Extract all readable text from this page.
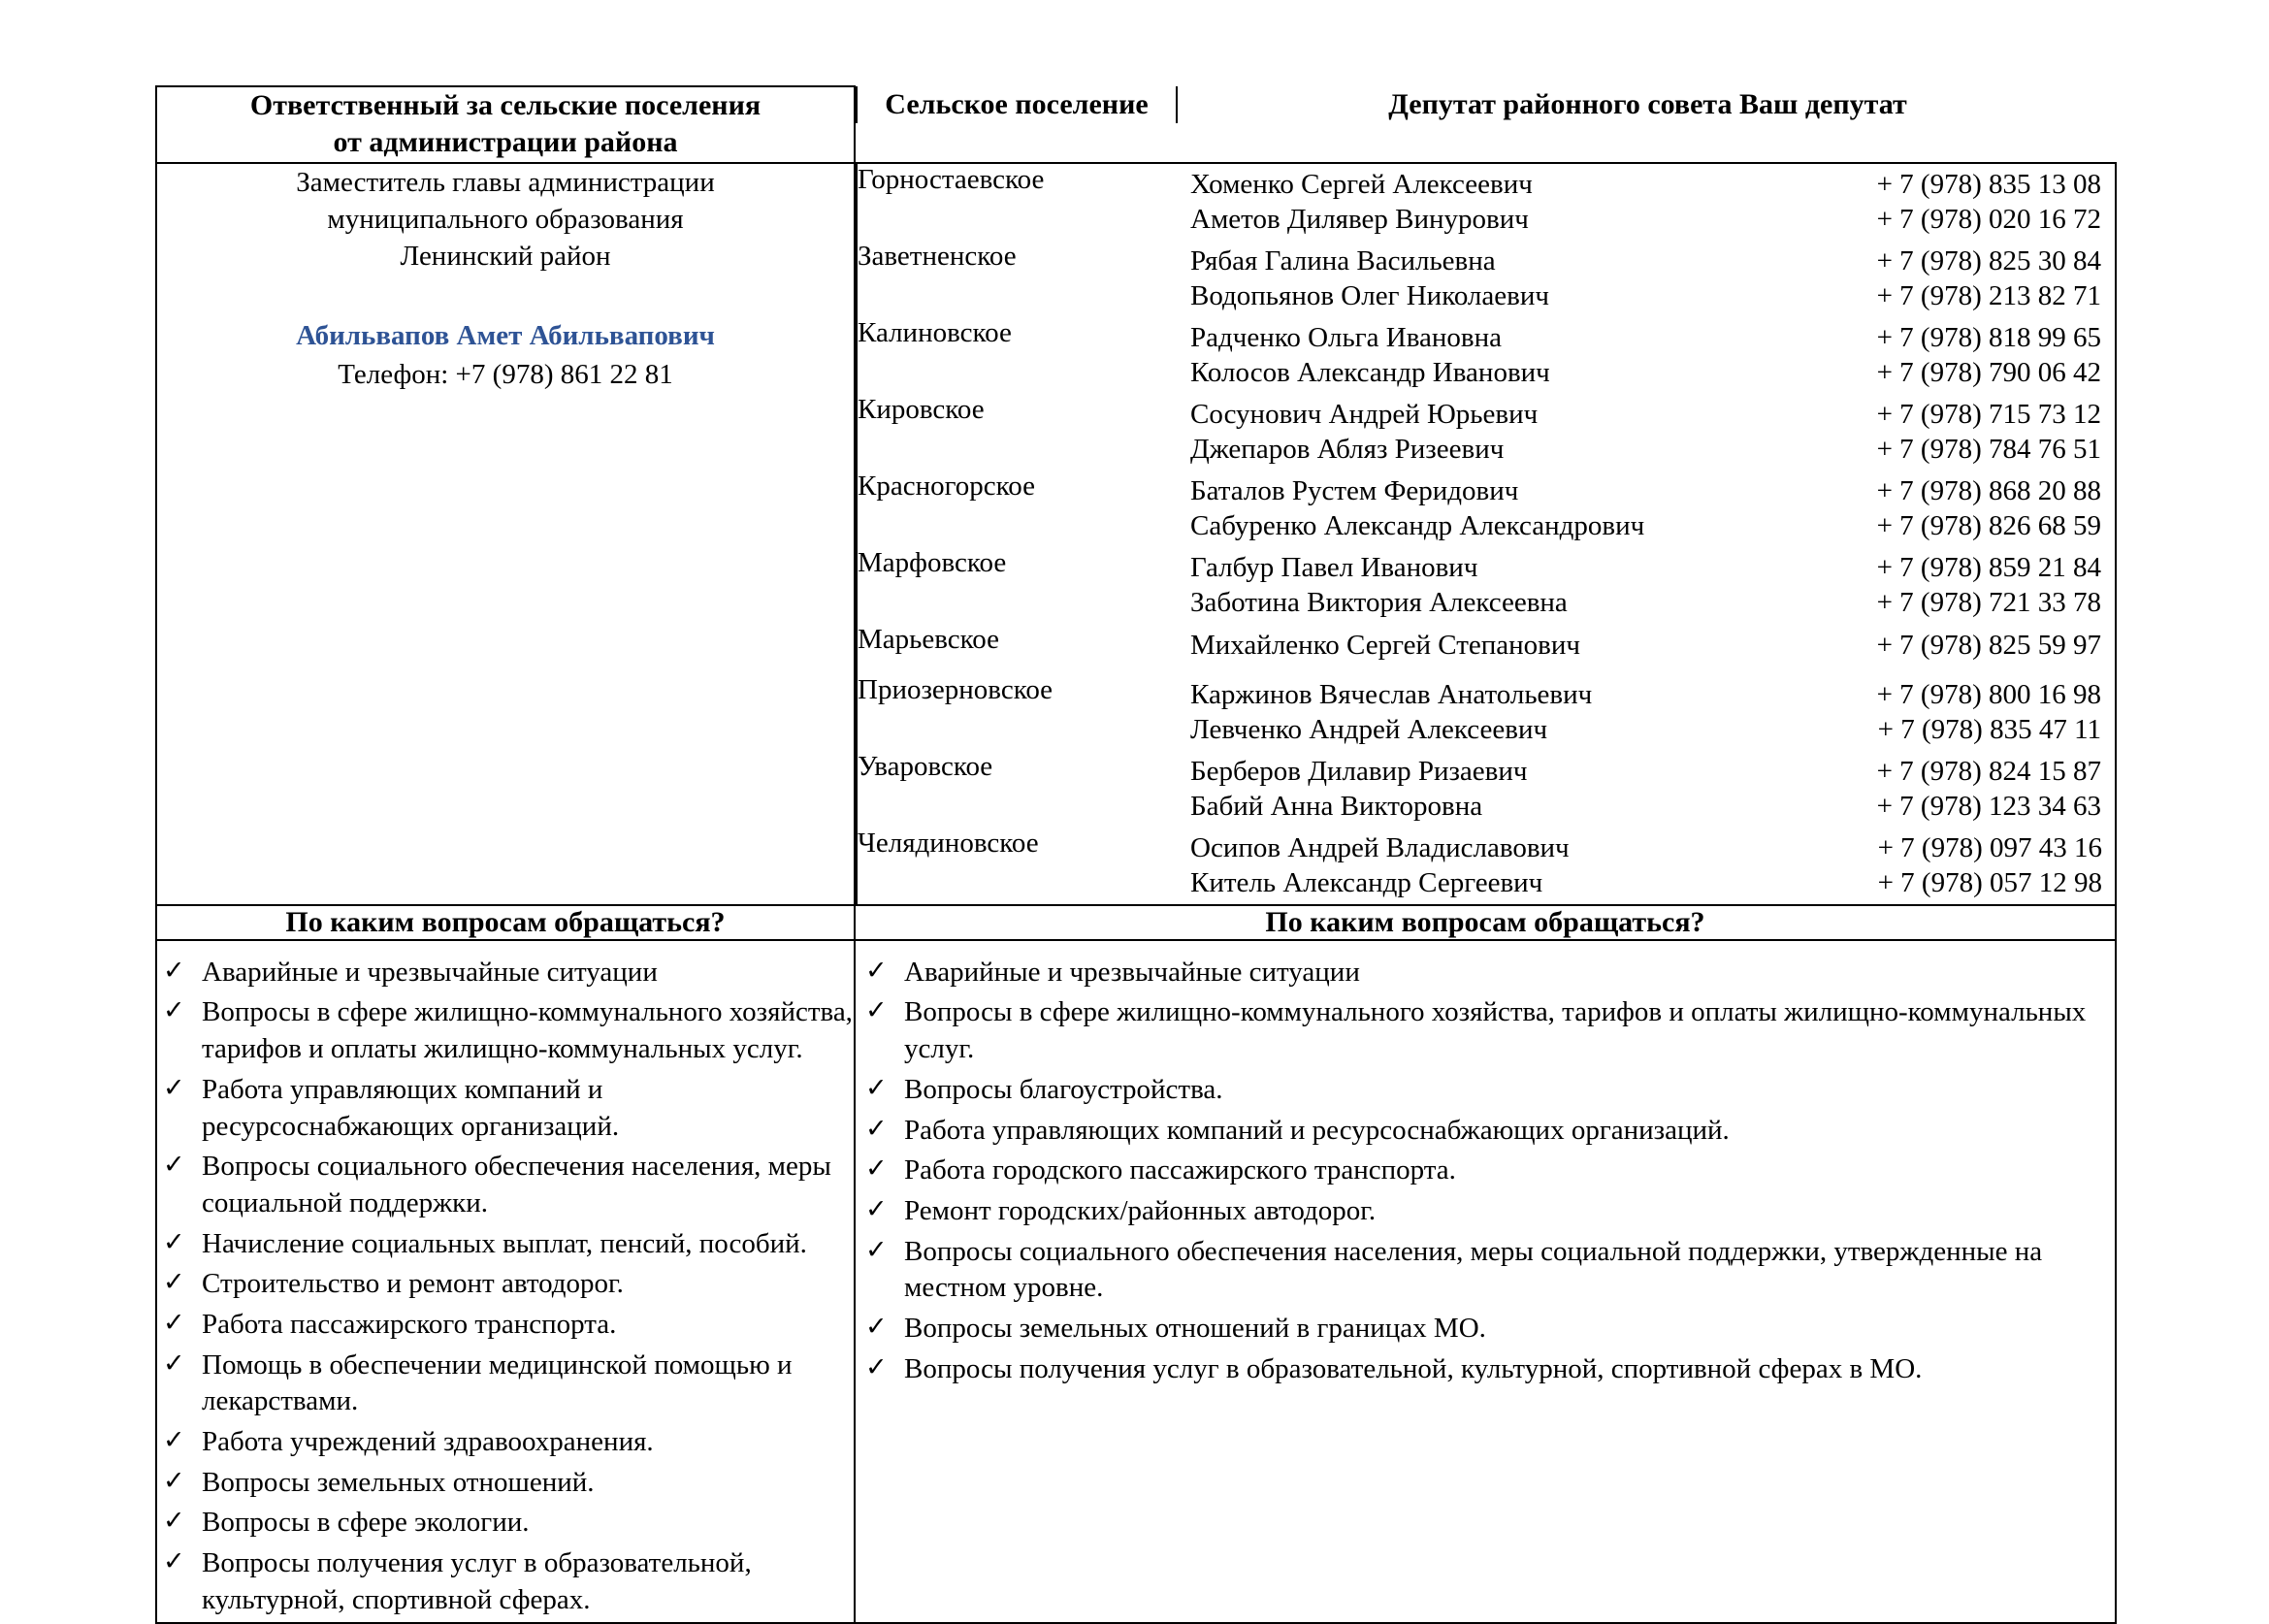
Ответственный за сельские поселения
от администрации района

Сельское поселение	Депутат районного совета Ваш депутат

Заместитель главы администрации
муниципального образования
Ленинский район
Абильвапов Амет Абильвапович
Телефон: +7 (978) 861 22 81

Горностаевское	Хоменко Сергей Алексеевич	+ 7 (978) 835 13 08
Аметов Дилявер Винурович	+ 7 (978) 020 16 72

Заветненское	Рябая Галина Васильевна	+ 7 (978) 825 30 84
Водопьянов Олег Николаевич	+ 7 (978) 213 82 71

Калиновское	Радченко Ольга Ивановна	+ 7 (978) 818 99 65
Колосов Александр Иванович	+ 7 (978) 790 06 42

Кировское	Сосунович Андрей Юрьевич	+ 7 (978) 715 73 12
Джепаров Абляз Ризеевич	+ 7 (978) 784 76 51

Красногорское	Баталов Рустем Феридович	+ 7 (978) 868 20 88
Сабуренко Александр Александрович	+ 7 (978) 826 68 59

Марфовское	Галбур Павел Иванович	+ 7 (978) 859 21 84
Заботина Виктория Алексеевна	+ 7 (978) 721 33 78

Марьевское	Михайленко Сергей Степанович	+ 7 (978) 825 59 97

Приозерновское	Каржинов Вячеслав Анатольевич	+ 7 (978) 800 16 98
Левченко Андрей Алексеевич	+ 7 (978) 835 47 11

Уваровское	Берберов Дилавир Ризаевич	+ 7 (978) 824 15 87
Бабий Анна Викторовна	+ 7 (978) 123 34 63

Челядиновское	Осипов Андрей Владиславович	+ 7 (978) 097 43 16
Китель Александр Сергеевич	+ 7 (978) 057 12 98

По каким вопросам обращаться?	По каким вопросам обращаться?

✓ Аварийные и чрезвычайные ситуации
✓ Вопросы в сфере жилищно-коммунального хозяйства, тарифов и оплаты жилищно-коммунальных услуг.
✓ Работа управляющих компаний и ресурсоснабжающих организаций.
✓ Вопросы социального обеспечения населения, меры социальной поддержки.
✓ Начисление социальных выплат, пенсий, пособий.
✓ Строительство и ремонт автодорог.
✓ Работа пассажирского транспорта.
✓ Помощь в обеспечении медицинской помощью и лекарствами.
✓ Работа учреждений здравоохранения.
✓ Вопросы земельных отношений.
✓ Вопросы в сфере экологии.
✓ Вопросы получения услуг в образовательной, культурной, спортивной сферах.

✓ Аварийные и чрезвычайные ситуации
✓ Вопросы в сфере жилищно-коммунального хозяйства, тарифов и оплаты жилищно-коммунальных услуг.
✓ Вопросы благоустройства.
✓ Работа управляющих компаний и ресурсоснабжающих организаций.
✓ Работа городского пассажирского транспорта.
✓ Ремонт городских/районных автодорог.
✓ Вопросы социального обеспечения населения, меры социальной поддержки, утвержденные на местном уровне.
✓ Вопросы земельных отношений в границах МО.
✓ Вопросы получения услуг в образовательной, культурной, спортивной сферах в МО.
